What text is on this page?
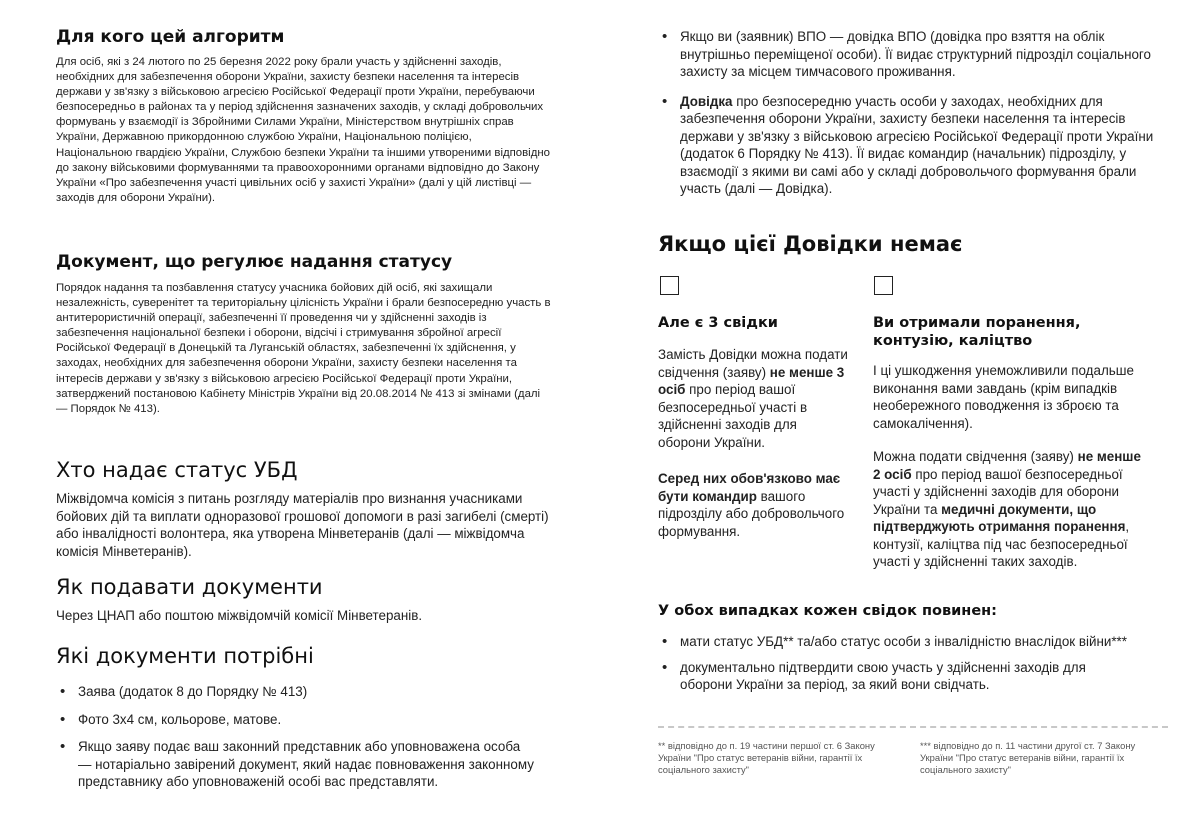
Для кого цей алгоритм

Для осіб, які з 24 лютого по 25 березня 2022 року брали участь у здійсненні заходів, необхідних для забезпечення оборони України, захисту безпеки населення та інтересів держави у зв'язку з військовою агресією Російської Федерації проти України, перебуваючи безпосередньо в районах та у період здійснення зазначених заходів, у складі добровольчих формувань у взаємодії із Збройними Силами України, Міністерством внутрішніх справ України, Державною прикордонною службою України, Національною поліцією, Національною гвардією України, Службою безпеки України та іншими утвореними відповідно до закону військовими формуваннями та правоохоронними органами відповідно до Закону України «Про забезпечення участі цивільних осіб у захисті України» (далі у цій листівці — заходів для оборони України).

Документ, що регулює надання статусу

Порядок надання та позбавлення статусу учасника бойових дій осіб, які захищали незалежність, суверенітет та територіальну цілісність України і брали безпосередню участь в антитерористичній операції, забезпеченні її проведення чи у здійсненні заходів із забезпечення національної безпеки і оборони, відсічі і стримування збройної агресії Російської Федерації в Донецькій та Луганській областях, забезпеченні їх здійснення, у заходах, необхідних для забезпечення оборони України, захисту безпеки населення та інтересів держави у зв'язку з військовою агресією Російської Федерації проти України, затверджений постановою Кабінету Міністрів України від 20.08.2014 № 413 зі змінами (далі — Порядок № 413).

Хто надає статус УБД

Міжвідомча комісія з питань розгляду матеріалів про визнання учасниками бойових дій та виплати одноразової грошової допомоги в разі загибелі (смерті) або інвалідності волонтера, яка утворена Мінветеранів (далі — міжвідомча комісія Мінветеранів).

Як подавати документи

Через ЦНАП або поштою міжвідомчій комісії Мінветеранів.

Які документи потрібні
• Заява (додаток 8 до Порядку № 413)
• Фото 3x4 см, кольорове, матове.
• Якщо заяву подає ваш законний представник або уповноважена особа — нотаріально завірений документ, який надає повноваження законному представнику або уповноваженій особі вас представляти.
• Якщо ви (заявник) ВПО — довідка ВПО (довідка про взяття на облік внутрішньо переміщеної особи). Її видає структурний підрозділ соціального захисту за місцем тимчасового проживання.
• Довідка про безпосередню участь особи у заходах, необхідних для забезпечення оборони України, захисту безпеки населення та інтересів держави у зв'язку з військовою агресією Російської Федерації проти України (додаток 6 Порядку № 413). Її видає командир (начальник) підрозділу, у взаємодії з якими ви самі або у складі добровольчого формування брали участь (далі — Довідка).
Якщо цієї Довідки немає

Але є 3 свідки

Замість Довідки можна подати свідчення (заяву) не менше 3 осіб про період вашої безпосередньої участі в здійсненні заходів для оборони України.

Серед них обов'язково має бути командир вашого підрозділу або добровольчого формування.

Ви отримали поранення, контузію, каліцтво

І ці ушкодження унеможливили подальше виконання вами завдань (крім випадків необережного поводження із зброєю та самокалічення).

Можна подати свідчення (заяву) не менше 2 осіб про період вашої безпосередньої участі у здійсненні заходів для оборони України та медичні документи, що підтверджують отримання поранення, контузії, каліцтва під час безпосередньої участі у здійсненні таких заходів.

У обох випадках кожен свідок повинен:

• мати статус УБД** та/або статус особи з інвалідністю внаслідок війни***
• документально підтвердити свою участь у здійсненні заходів для оборони України за період, за який вони свідчать.

** відповідно до п. 19 частини першої ст. 6 Закону України "Про статус ветеранів війни, гарантії їх соціального захисту"

*** відповідно до п. 11 частини другої ст. 7 Закону України "Про статус ветеранів війни, гарантії їх соціального захисту"
